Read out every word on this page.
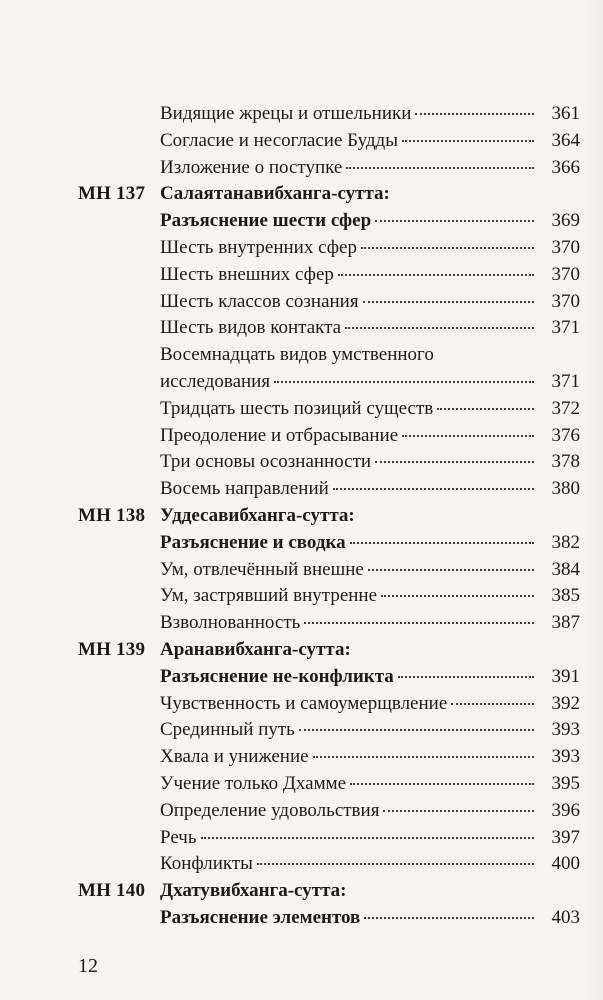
Видящие жрецы и отшельники	361
Согласие и несогласие Будды	364
Изложение о поступке	366
МН 137 Салаятанавибханга-сутта:
Разъяснение шести сфер	369
Шесть внутренних сфер	370
Шесть внешних сфер	370
Шесть классов сознания	370
Шесть видов контакта	371
Восемнадцать видов умственного
исследования	371
Тридцать шесть позиций существ	372
Преодоление и отбрасывание	376
Три основы осознанности	378
Восемь направлений	380
МН 138 Уддесавибханга-сутта:
Разъяснение и сводка	382
Ум, отвлечённый внешне	384
Ум, застрявший внутренне	385
Взволнованность	387
МН 139 Аранавибханга-сутта:
Разъяснение не-конфликта	391
Чувственность и самоумерщвление	392
Срединный путь	393
Хвала и унижение	393
Учение только Дхамме	395
Определение удовольствия	396
Речь	397
Конфликты	400
МН 140 Дхатувибханга-сутта:
Разъяснение элементов	403
12
